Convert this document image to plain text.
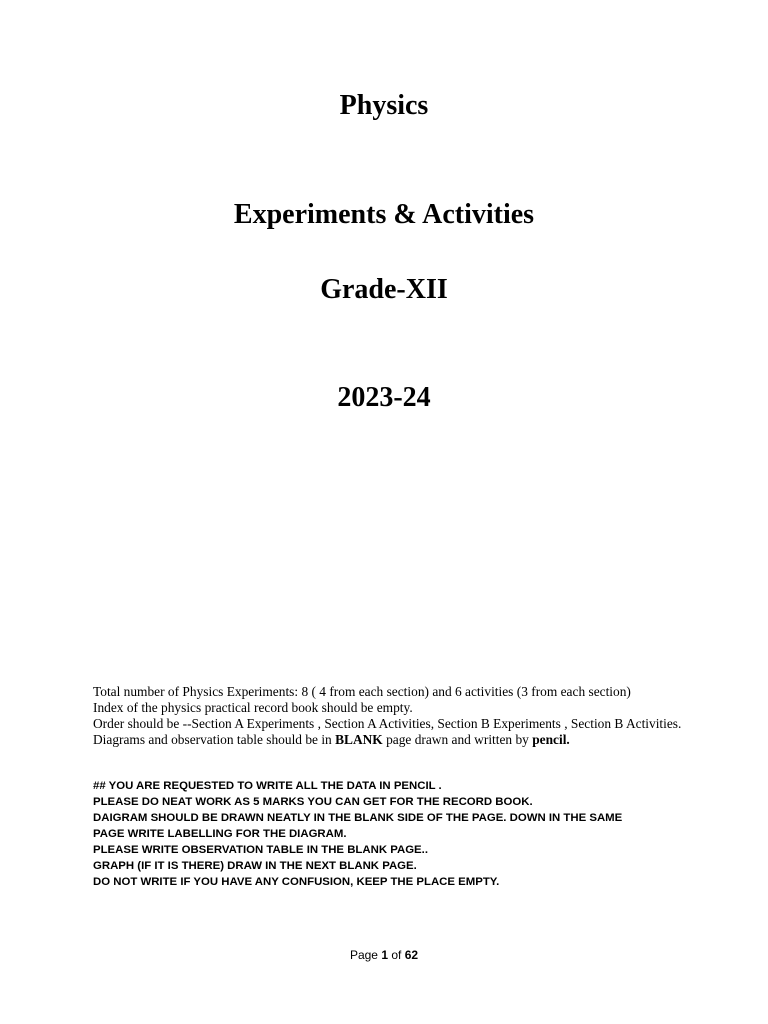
Physics
Experiments & Activities
Grade-XII
2023-24

Total number of Physics Experiments: 8 ( 4 from each section) and 6 activities (3 from each section)

Index of the physics practical record book should be empty.

Order should be --Section A Experiments , Section A Activities, Section B Experiments , Section B Activities.

Diagrams and observation table should be in BLANK page drawn and written by pencil.

## YOU ARE REQUESTED TO WRITE ALL THE DATA IN PENCIL .

PLEASE DO NEAT WORK AS 5 MARKS YOU CAN GET FOR THE RECORD BOOK.

DAIGRAM SHOULD BE DRAWN NEATLY IN THE BLANK SIDE OF THE PAGE. DOWN IN THE SAME

PAGE WRITE LABELLING FOR THE DIAGRAM.

PLEASE WRITE OBSERVATION TABLE IN THE BLANK PAGE..

GRAPH (IF IT IS THERE) DRAW IN THE NEXT BLANK PAGE.

DO NOT WRITE IF YOU HAVE ANY CONFUSION, KEEP THE PLACE EMPTY.

Page 1 of 62
